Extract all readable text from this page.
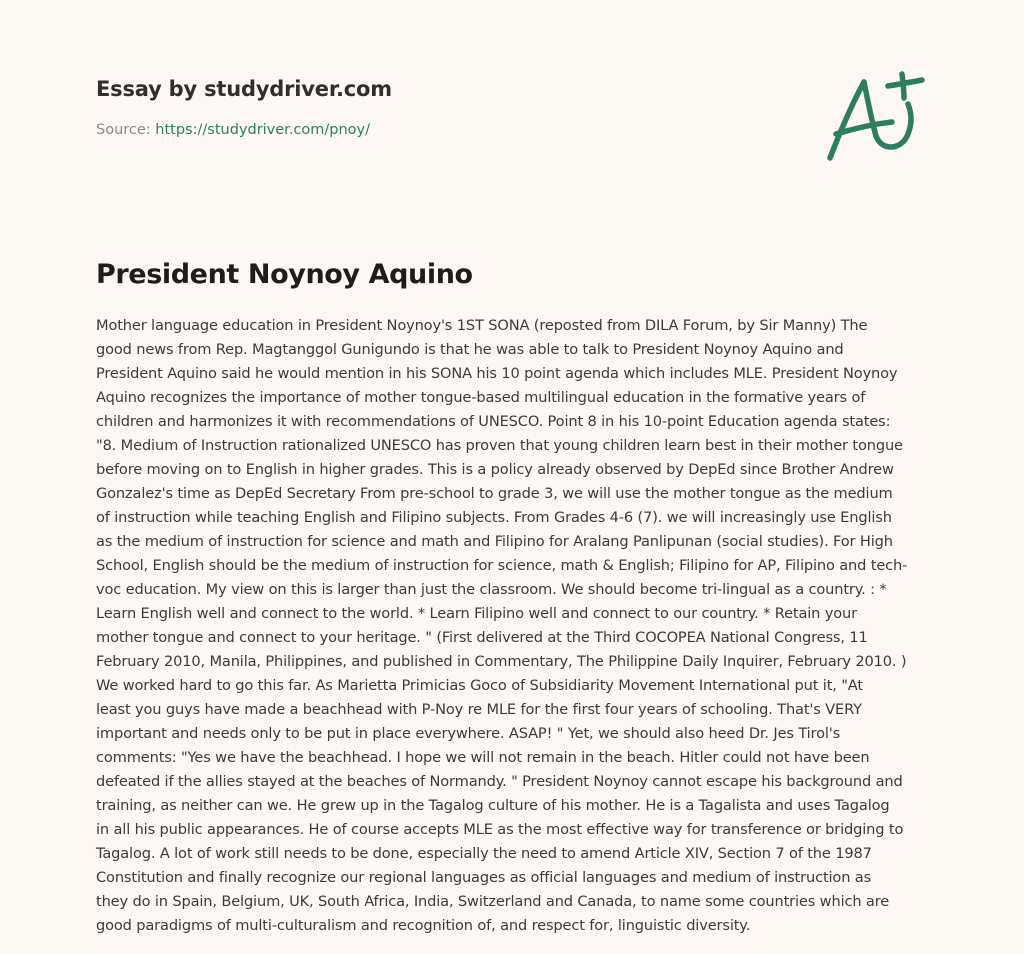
Essay by studydriver.com
Source: https://studydriver.com/pnoy/
President Noynoy Aquino

Mother language education in President Noynoy's 1ST SONA (reposted from DILA Forum, by Sir Manny) The
good news from Rep. Magtanggol Gunigundo is that he was able to talk to President Noynoy Aquino and
President Aquino said he would mention in his SONA his 10 point agenda which includes MLE. President Noynoy
Aquino recognizes the importance of mother tongue-based multilingual education in the formative years of
children and harmonizes it with recommendations of UNESCO. Point 8 in his 10-point Education agenda states:
"8. Medium of Instruction rationalized UNESCO has proven that young children learn best in their mother tongue
before moving on to English in higher grades. This is a policy already observed by DepEd since Brother Andrew
Gonzalez's time as DepEd Secretary From pre-school to grade 3, we will use the mother tongue as the medium
of instruction while teaching English and Filipino subjects. From Grades 4-6 (7). we will increasingly use English
as the medium of instruction for science and math and Filipino for Aralang Panlipunan (social studies). For High
School, English should be the medium of instruction for science, math & English; Filipino for AP, Filipino and tech-
voc education. My view on this is larger than just the classroom. We should become tri-lingual as a country. : *
Learn English well and connect to the world. * Learn Filipino well and connect to our country. * Retain your
mother tongue and connect to your heritage. " (First delivered at the Third COCOPEA National Congress, 11
February 2010, Manila, Philippines, and published in Commentary, The Philippine Daily Inquirer, February 2010. )
We worked hard to go this far. As Marietta Primicias Goco of Subsidiarity Movement International put it, "At
least you guys have made a beachhead with P-Noy re MLE for the first four years of schooling. That's VERY
important and needs only to be put in place everywhere. ASAP! " Yet, we should also heed Dr. Jes Tirol's
comments: "Yes we have the beachhead. I hope we will not remain in the beach. Hitler could not have been
defeated if the allies stayed at the beaches of Normandy. " President Noynoy cannot escape his background and
training, as neither can we. He grew up in the Tagalog culture of his mother. He is a Tagalista and uses Tagalog
in all his public appearances. He of course accepts MLE as the most effective way for transference or bridging to
Tagalog. A lot of work still needs to be done, especially the need to amend Article XIV, Section 7 of the 1987
Constitution and finally recognize our regional languages as official languages and medium of instruction as
they do in Spain, Belgium, UK, South Africa, India, Switzerland and Canada, to name some countries which are
good paradigms of multi-culturalism and recognition of, and respect for, linguistic diversity.
